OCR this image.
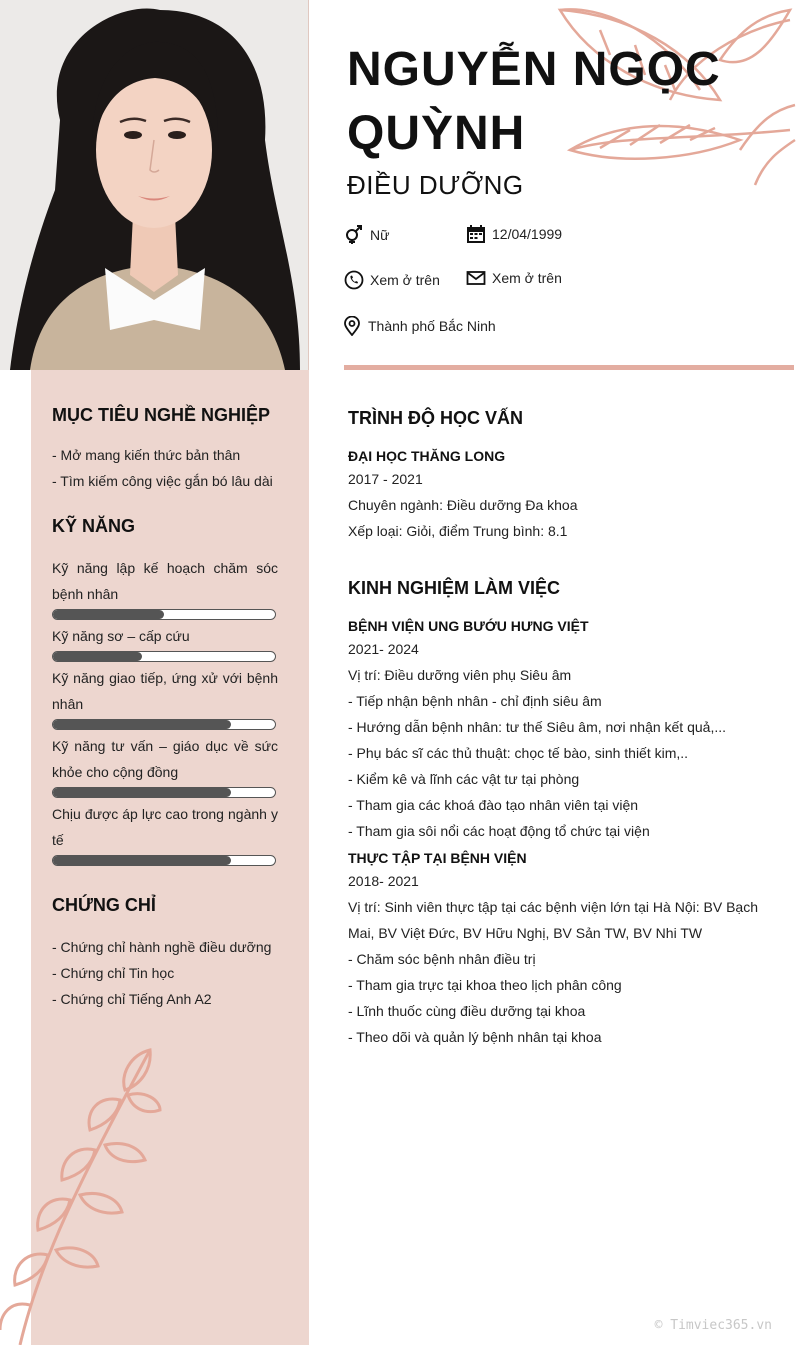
NGUYỄN NGỌC QUỲNH
ĐIỀU DƯỠNG
Nữ	12/04/1999
Xem ở trên	Xem ở trên
Thành phố Bắc Ninh
MỤC TIÊU NGHỀ NGHIỆP
- Mở mang kiến thức bản thân
- Tìm kiếm công việc gắn bó lâu dài
KỸ NĂNG
Kỹ năng lập kế hoạch chăm sóc bệnh nhân
Kỹ năng sơ – cấp cứu
Kỹ năng giao tiếp, ứng xử với bệnh nhân
Kỹ năng tư vấn – giáo dục về sức khỏe cho cộng đồng
Chịu được áp lực cao trong ngành y tế
CHỨNG CHỈ
- Chứng chỉ hành nghề điều dưỡng
- Chứng chỉ Tin học
- Chứng chỉ Tiếng Anh A2
TRÌNH ĐỘ HỌC VẤN
ĐẠI HỌC THĂNG LONG
2017 - 2021
Chuyên ngành: Điều dưỡng Đa khoa
Xếp loại: Giỏi, điểm Trung bình: 8.1
KINH NGHIỆM LÀM VIỆC
BỆNH VIỆN UNG BƯỚU HƯNG VIỆT
2021- 2024
Vị trí: Điều dưỡng viên phụ Siêu âm
- Tiếp nhận bệnh nhân - chỉ định siêu âm
- Hướng dẫn bệnh nhân: tư thế Siêu âm, nơi nhận kết quả,...
- Phụ bác sĩ các thủ thuật: chọc tế bào, sinh thiết kim,..
- Kiểm kê và lĩnh các vật tư tại phòng
- Tham gia các khoá đào tạo nhân viên tại viện
- Tham gia sôi nổi các hoạt động tổ chức tại viện
THỰC TẬP TẠI BỆNH VIỆN
2018- 2021
Vị trí: Sinh viên thực tập tại các bệnh viện lớn tại Hà Nội: BV Bạch Mai, BV Việt Đức, BV Hữu Nghị, BV Sản TW, BV Nhi TW
- Chăm sóc bệnh nhân điều trị
- Tham gia trực tại khoa theo lịch phân công
- Lĩnh thuốc cùng điều dưỡng tại khoa
- Theo dõi và quản lý bệnh nhân tại khoa
© Timviec365.vn
